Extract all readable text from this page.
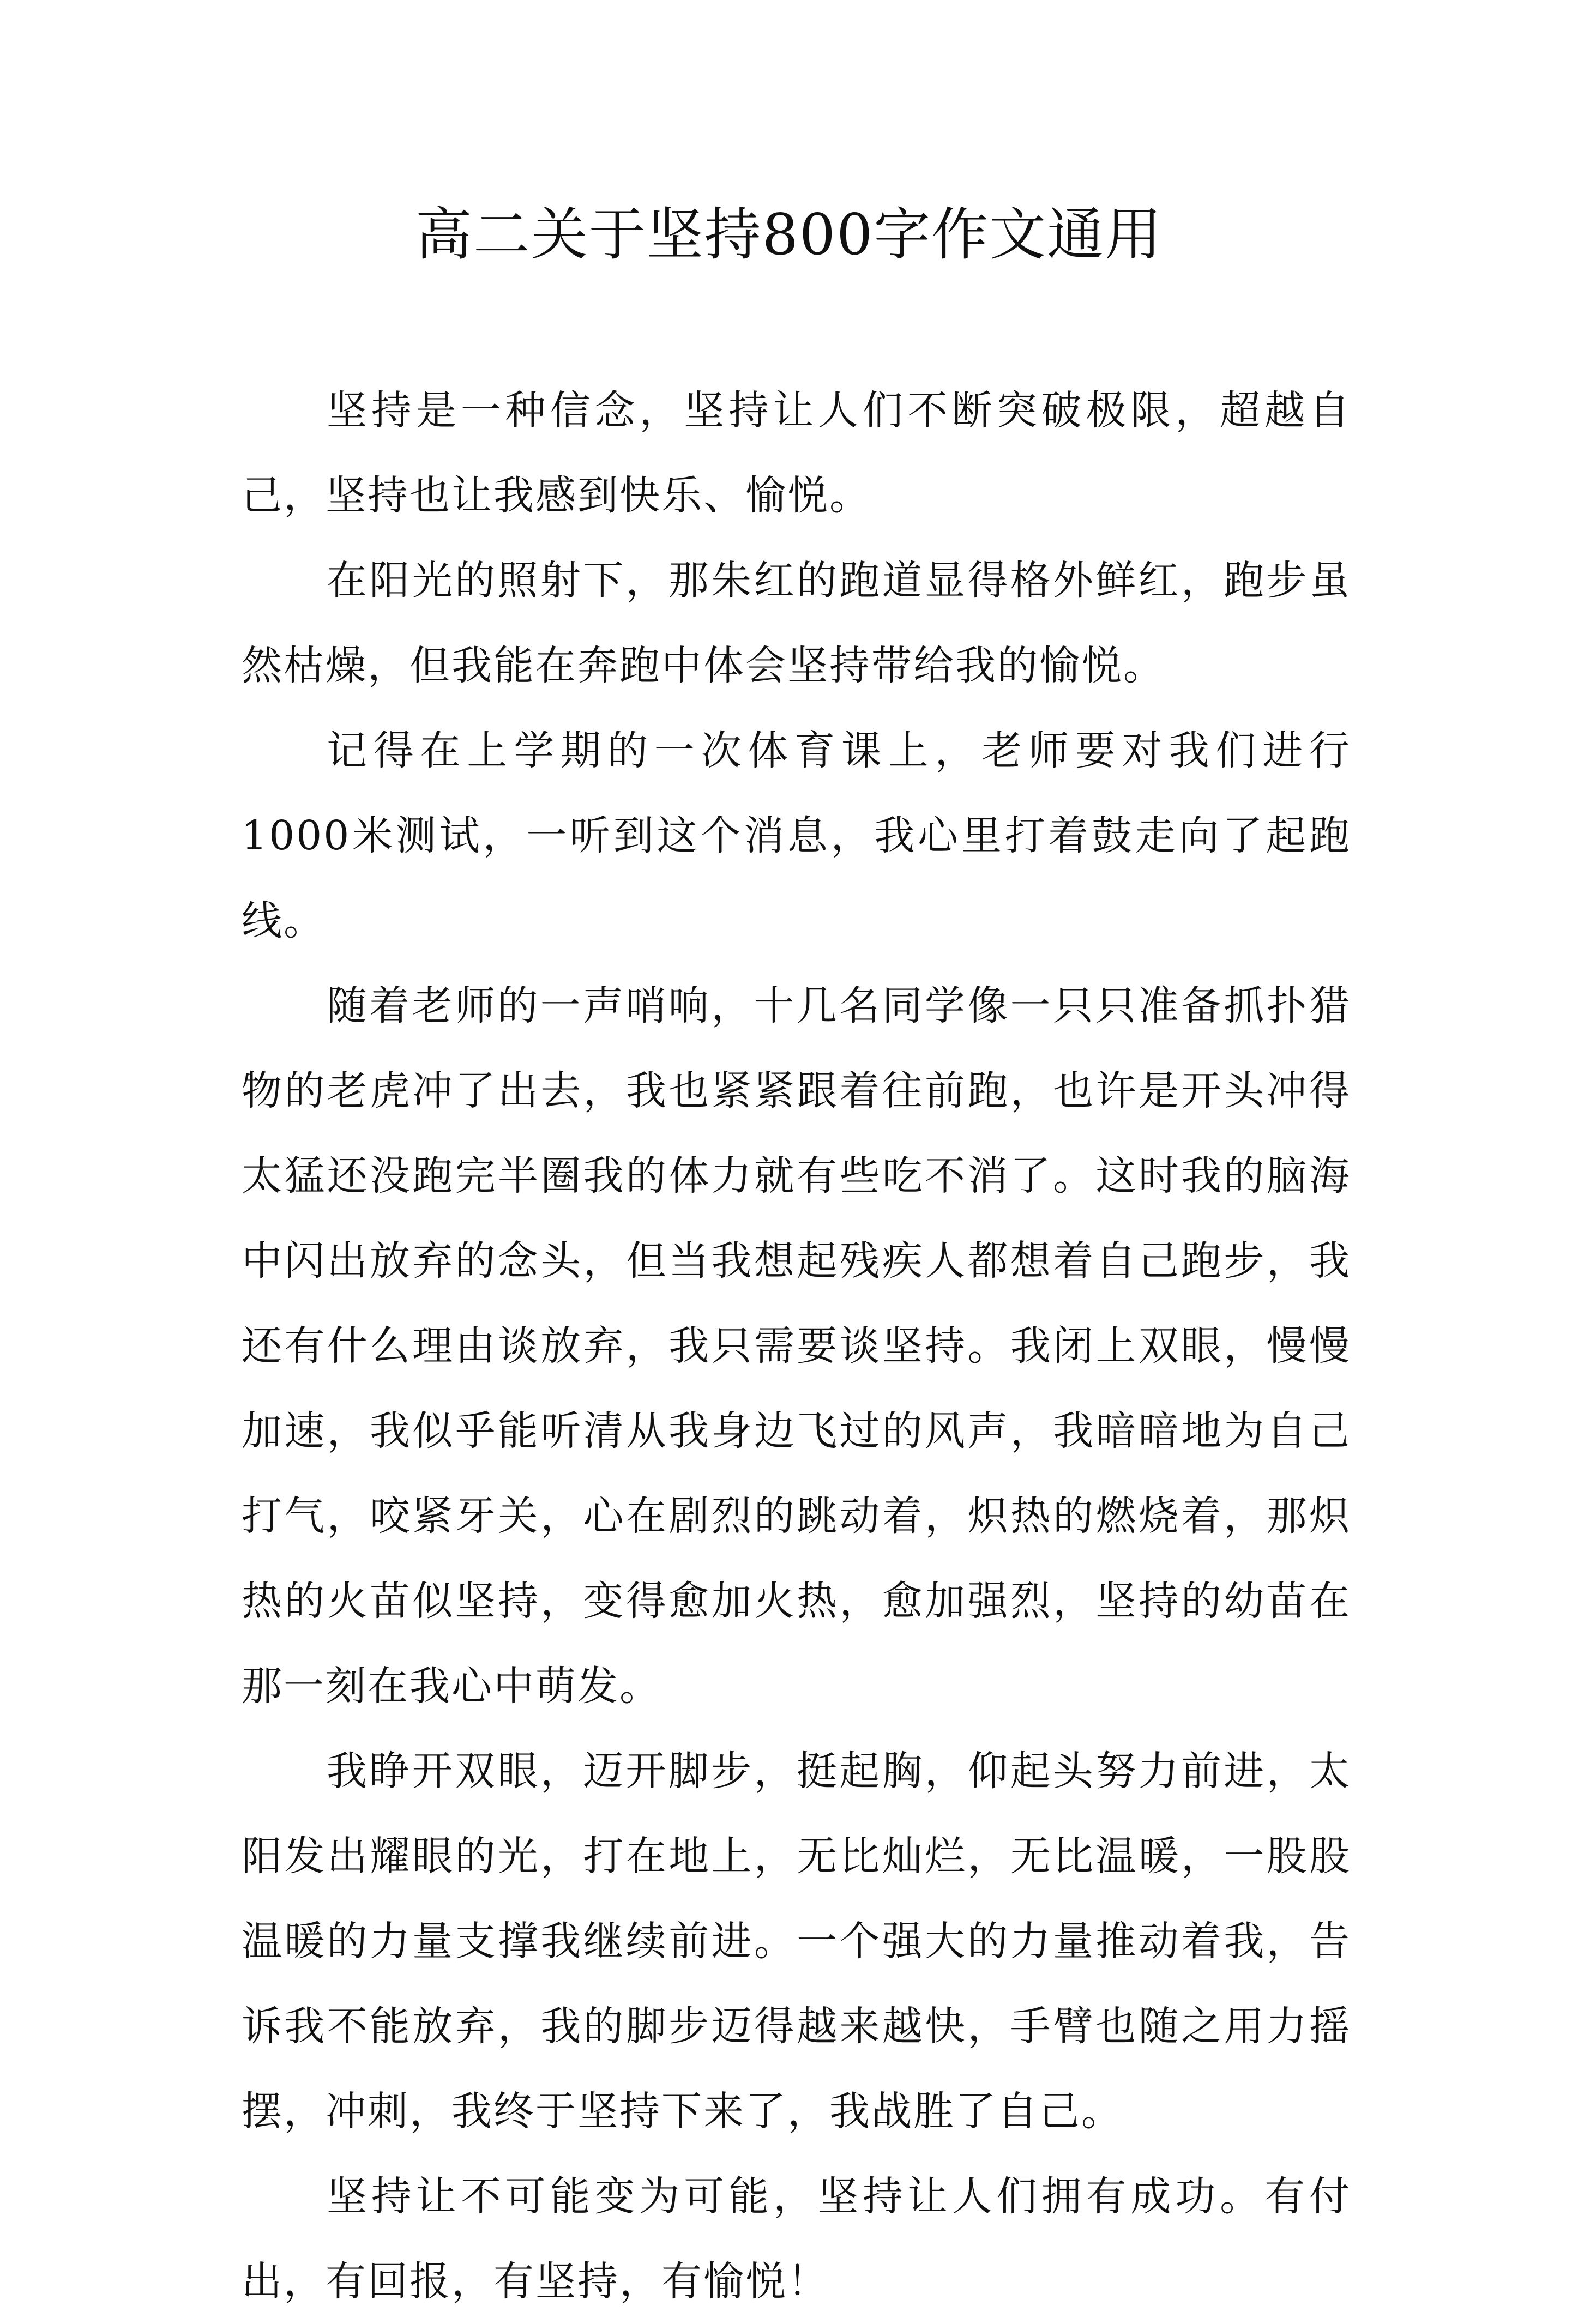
高二关于坚持800字作文通用

坚持是一种信念，坚持让人们不断突破极限，超越自己，坚持也让我感到快乐、愉悦。

在阳光的照射下，那朱红的跑道显得格外鲜红，跑步虽然枯燥，但我能在奔跑中体会坚持带给我的愉悦。

记得在上学期的一次体育课上，老师要对我们进行1000米测试，一听到这个消息，我心里打着鼓走向了起跑线。

随着老师的一声哨响，十几名同学像一只只准备抓扑猎物的老虎冲了出去，我也紧紧跟着往前跑，也许是开头冲得太猛还没跑完半圈我的体力就有些吃不消了。这时我的脑海中闪出放弃的念头，但当我想起残疾人都想着自己跑步，我还有什么理由谈放弃，我只需要谈坚持。我闭上双眼，慢慢加速，我似乎能听清从我身边飞过的风声，我暗暗地为自己打气，咬紧牙关，心在剧烈的跳动着，炽热的燃烧着，那炽热的火苗似坚持，变得愈加火热，愈加强烈，坚持的幼苗在那一刻在我心中萌发。

我睁开双眼，迈开脚步，挺起胸，仰起头努力前进，太阳发出耀眼的光，打在地上，无比灿烂，无比温暖，一股股温暖的力量支撑我继续前进。一个强大的力量推动着我，告诉我不能放弃，我的脚步迈得越来越快，手臂也随之用力摇摆，冲刺，我终于坚持下来了，我战胜了自己。

坚持让不可能变为可能，坚持让人们拥有成功。有付出，有回报，有坚持，有愉悦！
